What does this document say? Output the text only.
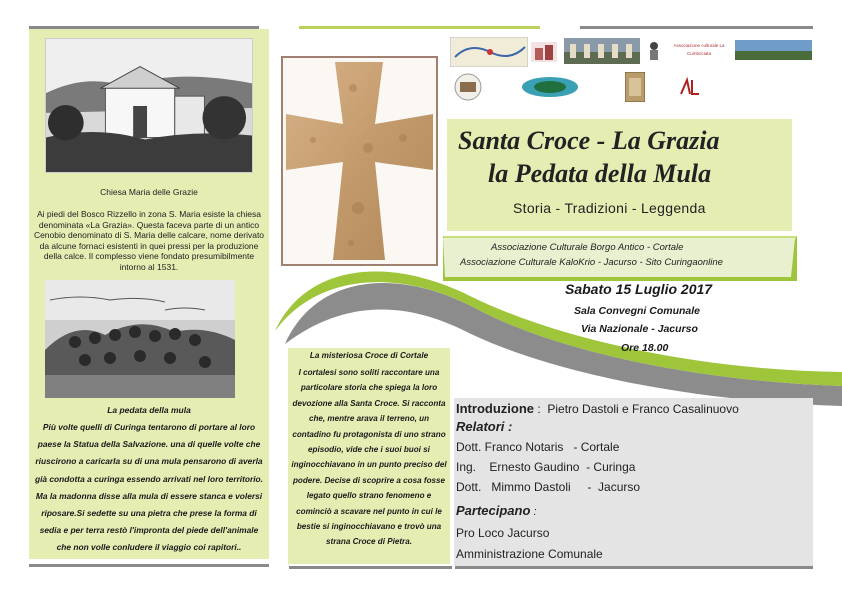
Chiesa Maria delle Grazie
Ai piedi del Bosco Rizzello in zona S. Maria esiste la chiesa denominata «La Grazia». Questa faceva parte di un antico Cenobio denominato di S. Maria delle calcare, nome derivato da alcune fornaci esistenti in quei pressi per la produzione della calce. Il complesso viene fondato presumibilmente intorno al 1531.
La pedata della mula
Più volte quelli di Curinga tentarono di portare al loro paese la Statua della Salvazione. una di quelle volte che riuscirono a caricarla su di una mula pensarono di averla già condotta a curinga essendo arrivati nel loro territorio. Ma la madonna disse alla mula di essere stanca e volersi riposare.Si sedette su una pietra che prese la forma di sedia e per terra restò l'impronta del piede dell'animale che non volle conludere il viaggio coi rapitori..
La misteriosa Croce di Cortale
I cortalesi sono soliti raccontare una particolare storia che spiega la loro devozione alla Santa Croce. Si racconta che, mentre arava il terreno, un contadino fu protagonista di uno strano episodio, vide che i suoi buoi si inginocchiavano in un punto preciso del podere. Decise di scoprire a cosa fosse legato quello strano fenomeno e cominciò a scavare nel punto in cui le bestie si inginocchiavano e trovò una strana Croce di Pietra.
Associazione culturale La Cumbriciata
Santa Croce - La Grazia
la Pedata della Mula
Storia - Tradizioni - Leggenda
Associazione Culturale Borgo Antico - Cortale
Associazione Culturale KaloKrio - Jacurso - Sito Curingaonline
Sabato 15 Luglio 2017
Sala Convegni Comunale
Via Nazionale - Jacurso
Ore 18.00
Introduzione :  Pietro Dastoli e Franco Casalinuovo
Relatori :
Dott. Franco Notaris   - Cortale
Ing.    Ernesto Gaudino  - Curinga
Dott.   Mimmo Dastoli     -  Jacurso
Partecipano :
Pro Loco Jacurso
Amministrazione Comunale
